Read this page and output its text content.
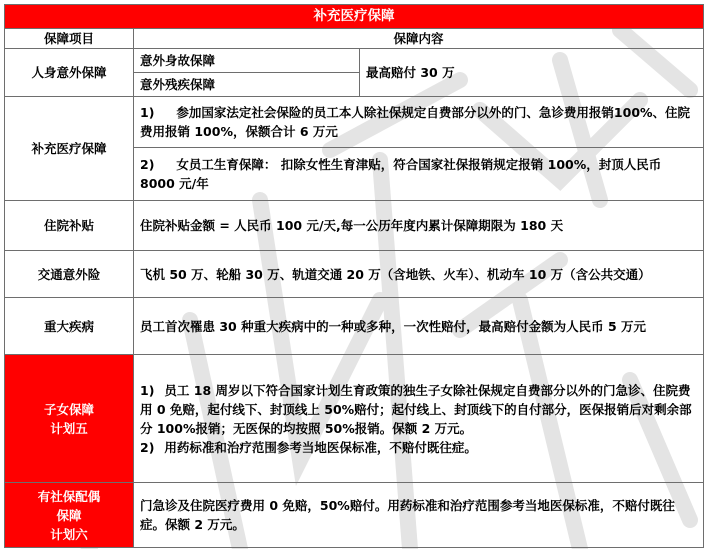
补充医疗保障		
保障项目	保障内容	
人身意外保障	意外身故保障	最高赔付 30 万
	意外残疾保障	
补充医疗保障	1) 参加国家法定社会保险的员工本人除社保规定自费部分以外的门、急诊费用报销100%、住院费用报销 100%，保额合计 6 万元	
	2) 女员工生育保障： 扣除女性生育津贴，符合国家社保报销规定报销 100%，封顶人民币 8000 元/年	
住院补贴	住院补贴金额 = 人民币 100 元/天,每一公历年度内累计保障期限为 180 天	
交通意外险	飞机 50 万、轮船 30 万、轨道交通 20 万（含地铁、火车）、机动车 10 万（含公共交通）	
重大疾病	员工首次罹患 30 种重大疾病中的一种或多种，一次性赔付，最高赔付金额为人民币 5 万元	

子女保障
计划五	1) 员工 18 周岁以下符合国家计划生育政策的独生子女除社保规定自费部分以外的门急诊、住院费用 0 免赔，起付线下、封顶线上 50%赔付；起付线上、封顶线下的自付部分，医保报销后对剩余部分 100%报销；无医保的均按照 50%报销。保额 2 万元。
2) 用药标准和治疗范围参考当地医保标准，不赔付既往症。	

有社保配偶
保障
计划六	门急诊及住院医疗费用 0 免赔，50%赔付。用药标准和治疗范围参考当地医保标准，不赔付既往症。保额 2 万元。	
